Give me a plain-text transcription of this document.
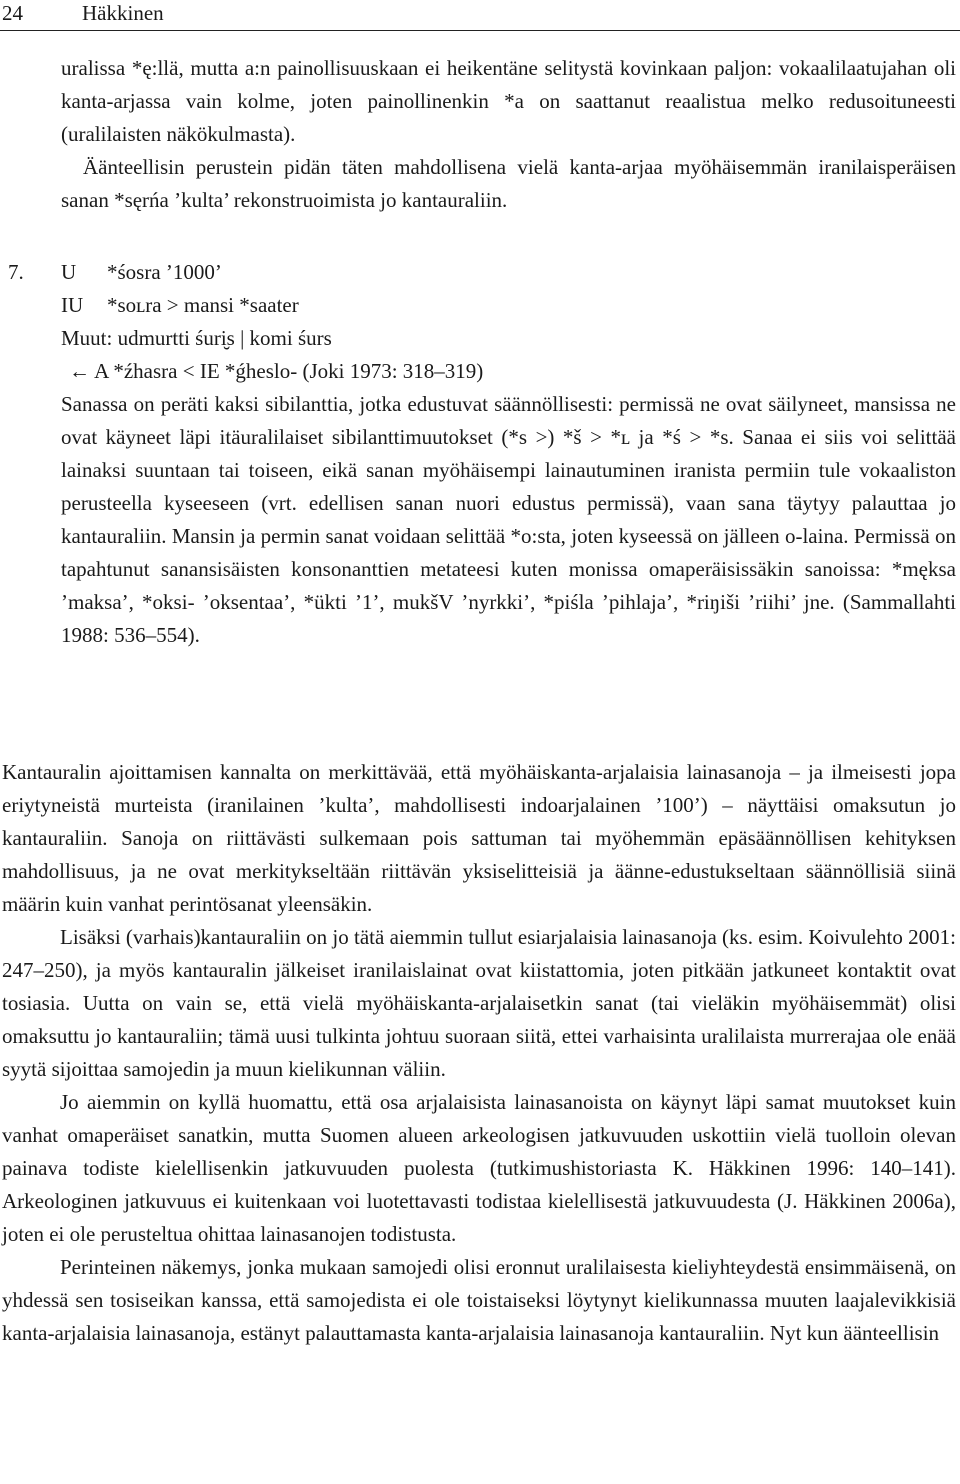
24	Häkkinen

uralissa *ę:llä, mutta a:n painollisuuskaan ei heikentäne selitystä kovinkaan paljon: vokaalilaatujahan oli kanta-arjassa vain kolme, joten painollinenkin *a on saattanut reaalistua melko redusoituneesti (uralilaisten näkökulmasta).

Äänteellisin perustein pidän täten mahdollisena vielä kanta-arjaa myöhäisemmän iranilaisperäisen sanan *sęrńa ’kulta’ rekonstruoimista jo kantauraliin.

7. U *śosra ’1000’
IU *soʟra > mansi *saater
Muut: udmurtti śuri̮s | komi śurs
← A *źhasra < IE *ǵheslo- (Joki 1973: 318–319)

Sanassa on peräti kaksi sibilanttia, jotka edustuvat säännöllisesti: permissä ne ovat säilyneet, mansissa ne ovat käyneet läpi itäuralilaiset sibilanttimuutokset (*s >) *š > *ʟ ja *ś > *s. Sanaa ei siis voi selittää lainaksi suuntaan tai toiseen, eikä sanan myöhäisempi lainautuminen iranista permiin tule vokaaliston perusteella kyseeseen (vrt. edellisen sanan nuori edustus permissä), vaan sana täytyy palauttaa jo kantauraliin. Mansin ja permin sanat voidaan selittää *o:sta, joten kyseessä on jälleen o-laina. Permissä on tapahtunut sanansisäisten konsonanttien metateesi kuten monissa omaperäisissäkin sanoissa: *męksa ’maksa’, *oksi- ’oksentaa’, *ükti ’1’, mukšV ’nyrkki’, *piśla ’pihlaja’, *riŋiši ’riihi’ jne. (Sammallahti 1988: 536–554).

Kantauralin ajoittamisen kannalta on merkittävää, että myöhäiskanta-arjalaisia lainasanoja – ja ilmeisesti jopa eriytyneistä murteista (iranilainen ’kulta’, mahdollisesti indoarjalainen ’100’) – näyttäisi omaksutun jo kantauraliin. Sanoja on riittävästi sulkemaan pois sattuman tai myöhemmän epäsäännöllisen kehityksen mahdollisuus, ja ne ovat merkitykseltään riittävän yksiselitteisiä ja äänne-edustukseltaan säännöllisiä siinä määrin kuin vanhat perintösanat yleensäkin.

Lisäksi (varhais)kantauraliin on jo tätä aiemmin tullut esiarjalaisia lainasanoja (ks. esim. Koivulehto 2001: 247–250), ja myös kantauralin jälkeiset iranilaislainat ovat kiistattomia, joten pitkään jatkuneet kontaktit ovat tosiasia. Uutta on vain se, että vielä myöhäiskanta-arjalaisetkin sanat (tai vieläkin myöhäisemmät) olisi omaksuttu jo kantauraliin; tämä uusi tulkinta johtuu suoraan siitä, ettei varhaisinta uralilaista murrerajaa ole enää syytä sijoittaa samojedin ja muun kielikunnan väliin.

Jo aiemmin on kyllä huomattu, että osa arjalaisista lainasanoista on käynyt läpi samat muutokset kuin vanhat omaperäiset sanatkin, mutta Suomen alueen arkeologisen jatkuvuuden uskottiin vielä tuolloin olevan painava todiste kielellisenkin jatkuvuuden puolesta (tutkimushistoriasta K. Häkkinen 1996: 140–141). Arkeologinen jatkuvuus ei kuitenkaan voi luotettavasti todistaa kielellisestä jatkuvuudesta (J. Häkkinen 2006a), joten ei ole perusteltua ohittaa lainasanojen todistusta.

Perinteinen näkemys, jonka mukaan samojedi olisi eronnut uralilaisesta kieliyhteydestä ensimmäisenä, on yhdessä sen tosiseikan kanssa, että samojedista ei ole toistaiseksi löytynyt kielikunnassa muuten laajalevikkisiä kanta-arjalaisia lainasanoja, estänyt palauttamasta kanta-arjalaisia lainasanoja kantauraliin. Nyt kun äänteellisin
